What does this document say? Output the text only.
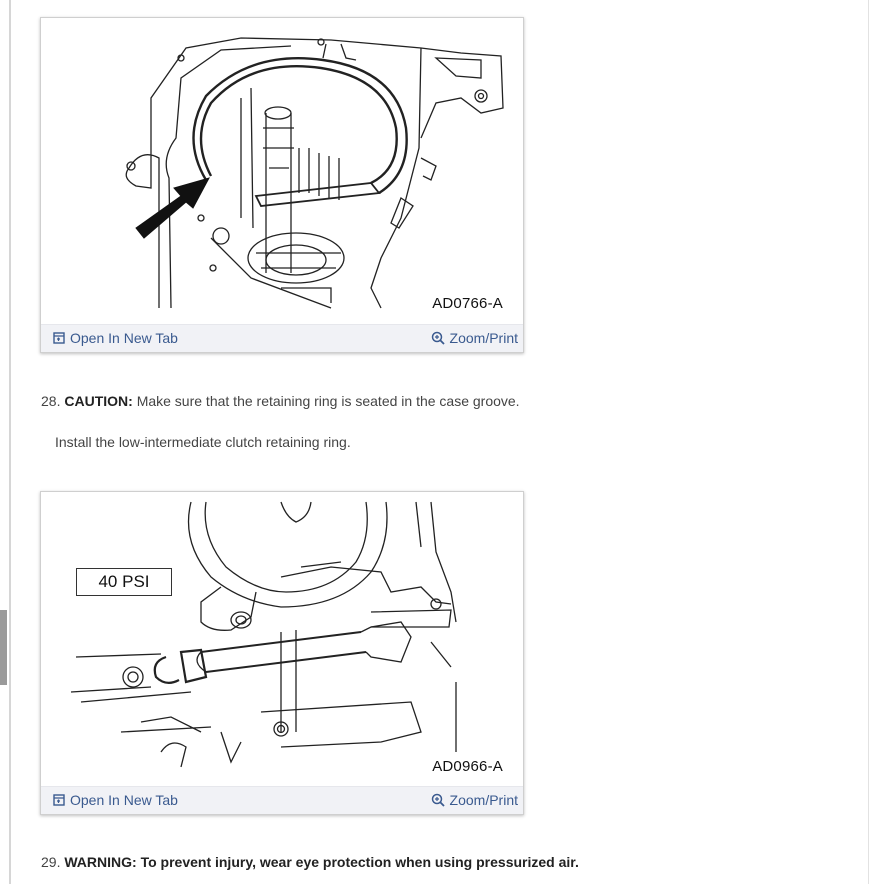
AD0766-A
Open In New Tab	Zoom/Print
28. CAUTION: Make sure that the retaining ring is seated in the case groove.
Install the low-intermediate clutch retaining ring.
40 PSI
AD0966-A
Open In New Tab	Zoom/Print
29. WARNING: To prevent injury, wear eye protection when using pressurized air.
